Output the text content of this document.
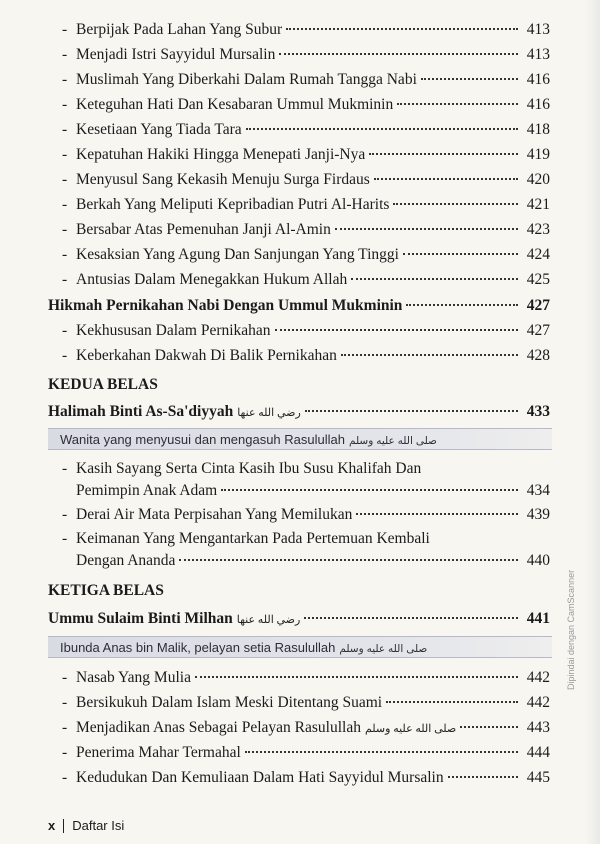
- Berpijak Pada Lahan Yang Subur	413
- Menjadi Istri Sayyidul Mursalin	413
- Muslimah Yang Diberkahi Dalam Rumah Tangga Nabi	416
- Keteguhan Hati Dan Kesabaran Ummul Mukminin	416
- Kesetiaan Yang Tiada Tara	418
- Kepatuhan Hakiki Hingga Menepati Janji-Nya	419
- Menyusul Sang Kekasih Menuju Surga Firdaus	420
- Berkah Yang Meliputi Kepribadian Putri Al-Harits	421
- Bersabar Atas Pemenuhan Janji Al-Amin	423
- Kesaksian Yang Agung Dan Sanjungan Yang Tinggi	424
- Antusias Dalam Menegakkan Hukum Allah	425
Hikmah Pernikahan Nabi Dengan Ummul Mukminin	427
- Kekhususan Dalam Pernikahan	427
- Keberkahan Dakwah Di Balik Pernikahan	428
KEDUA BELAS
Halimah Binti As-Sa'diyyah رضي الله عنها	433
Wanita yang menyusui dan mengasuh Rasulullah صلى الله عليه وسلم
- Kasih Sayang Serta Cinta Kasih Ibu Susu Khalifah Dan
Pemimpin Anak Adam	434
- Derai Air Mata Perpisahan Yang Memilukan	439
- Keimanan Yang Mengantarkan Pada Pertemuan Kembali
Dengan Ananda	440
KETIGA BELAS
Ummu Sulaim Binti Milhan رضي الله عنها	441
Ibunda Anas bin Malik, pelayan setia Rasulullah صلى الله عليه وسلم
- Nasab Yang Mulia	442
- Bersikukuh Dalam Islam Meski Ditentang Suami	442
- Menjadikan Anas Sebagai Pelayan Rasulullah صلى الله عليه وسلم	443
- Penerima Mahar Termahal	444
- Kedudukan Dan Kemuliaan Dalam Hati Sayyidul Mursalin	445
x Daftar Isi
Dipindai dengan CamScanner
